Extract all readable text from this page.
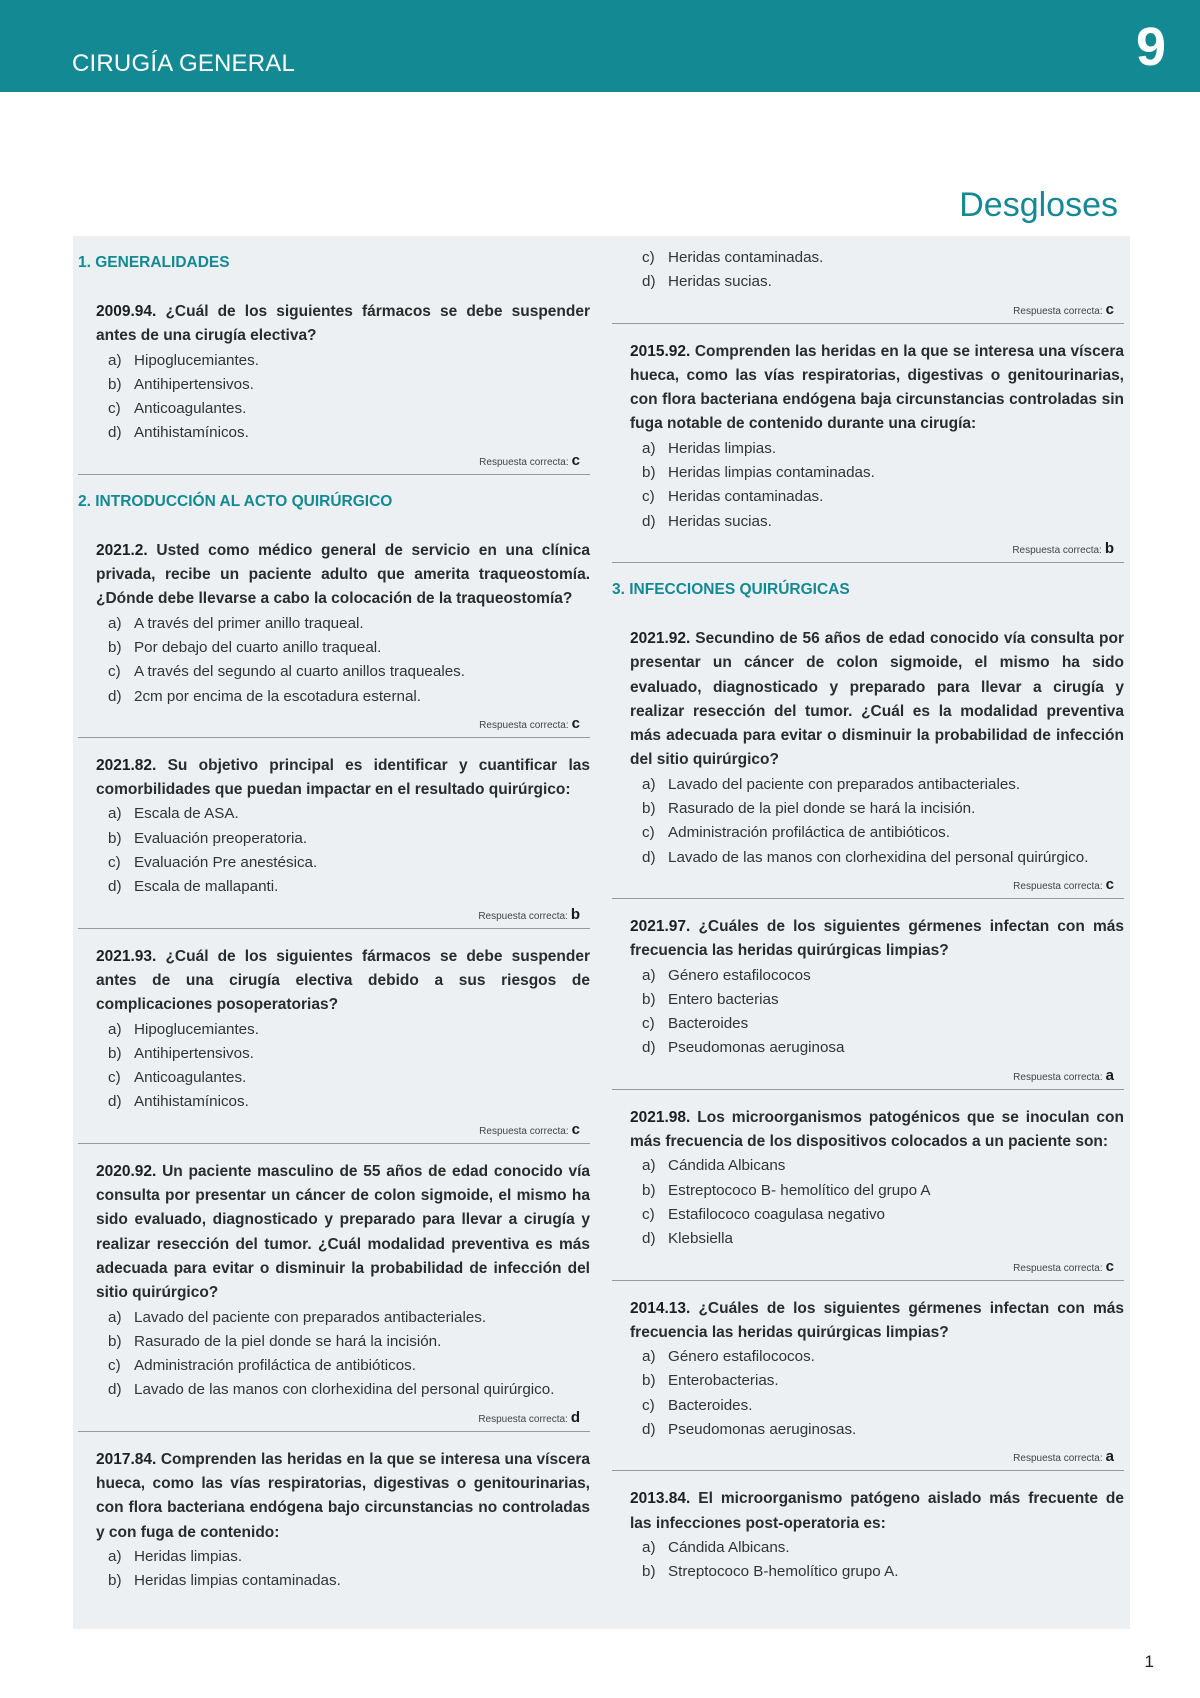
CIRUGÍA GENERAL	9
Desgloses
1. GENERALIDADES
2009.94. ¿Cuál de los siguientes fármacos se debe suspender antes de una cirugía electiva?
a) Hipoglucemiantes.
b) Antihipertensivos.
c) Anticoagulantes.
d) Antihistamínicos.
Respuesta correcta: c
2. INTRODUCCIÓN AL ACTO QUIRÚRGICO
2021.2. Usted como médico general de servicio en una clínica privada, recibe un paciente adulto que amerita traqueostomía. ¿Dónde debe llevarse a cabo la colocación de la traqueostomía?
a) A través del primer anillo traqueal.
b) Por debajo del cuarto anillo traqueal.
c) A través del segundo al cuarto anillos traqueales.
d) 2cm por encima de la escotadura esternal.
Respuesta correcta: c
2021.82. Su objetivo principal es identificar y cuantificar las comorbilidades que puedan impactar en el resultado quirúrgico:
a) Escala de ASA.
b) Evaluación preoperatoria.
c) Evaluación Pre anestésica.
d) Escala de mallapanti.
Respuesta correcta: b
2021.93. ¿Cuál de los siguientes fármacos se debe suspender antes de una cirugía electiva debido a sus riesgos de complicaciones posoperatorias?
a) Hipoglucemiantes.
b) Antihipertensivos.
c) Anticoagulantes.
d) Antihistamínicos.
Respuesta correcta: c
2020.92. Un paciente masculino de 55 años de edad conocido vía consulta por presentar un cáncer de colon sigmoide, el mismo ha sido evaluado, diagnosticado y preparado para llevar a cirugía y realizar resección del tumor. ¿Cuál modalidad preventiva es más adecuada para evitar o disminuir la probabilidad de infección del sitio quirúrgico?
a) Lavado del paciente con preparados antibacteriales.
b) Rasurado de la piel donde se hará la incisión.
c) Administración profiláctica de antibióticos.
d) Lavado de las manos con clorhexidina del personal quirúrgico.
Respuesta correcta: d
2017.84. Comprenden las heridas en la que se interesa una víscera hueca, como las vías respiratorias, digestivas o genitourinarias, con flora bacteriana endógena bajo circunstancias no controladas y con fuga de contenido:
a) Heridas limpias.
b) Heridas limpias contaminadas.
c) Heridas contaminadas.
d) Heridas sucias.
Respuesta correcta: c
2015.92. Comprenden las heridas en la que se interesa una víscera hueca, como las vías respiratorias, digestivas o genitourinarias, con flora bacteriana endógena baja circunstancias controladas sin fuga notable de contenido durante una cirugía:
a) Heridas limpias.
b) Heridas limpias contaminadas.
c) Heridas contaminadas.
d) Heridas sucias.
Respuesta correcta: b
3. INFECCIONES QUIRÚRGICAS
2021.92. Secundino de 56 años de edad conocido vía consulta por presentar un cáncer de colon sigmoide, el mismo ha sido evaluado, diagnosticado y preparado para llevar a cirugía y realizar resección del tumor. ¿Cuál es la modalidad preventiva más adecuada para evitar o disminuir la probabilidad de infección del sitio quirúrgico?
a) Lavado del paciente con preparados antibacteriales.
b) Rasurado de la piel donde se hará la incisión.
c) Administración profiláctica de antibióticos.
d) Lavado de las manos con clorhexidina del personal quirúrgico.
Respuesta correcta: c
2021.97. ¿Cuáles de los siguientes gérmenes infectan con más frecuencia las heridas quirúrgicas limpias?
a) Género estafilococos
b) Entero bacterias
c) Bacteroides
d) Pseudomonas aeruginosa
Respuesta correcta: a
2021.98. Los microorganismos patogénicos que se inoculan con más frecuencia de los dispositivos colocados a un paciente son:
a) Cándida Albicans
b) Estreptococo B- hemolítico del grupo A
c) Estafilococo coagulasa negativo
d) Klebsiella
Respuesta correcta: c
2014.13. ¿Cuáles de los siguientes gérmenes infectan con más frecuencia las heridas quirúrgicas limpias?
a) Género estafilococos.
b) Enterobacterias.
c) Bacteroides.
d) Pseudomonas aeruginosas.
Respuesta correcta: a
2013.84. El microorganismo patógeno aislado más frecuente de las infecciones post-operatoria es:
a) Cándida Albicans.
b) Streptococo B-hemolítico grupo A.
1
